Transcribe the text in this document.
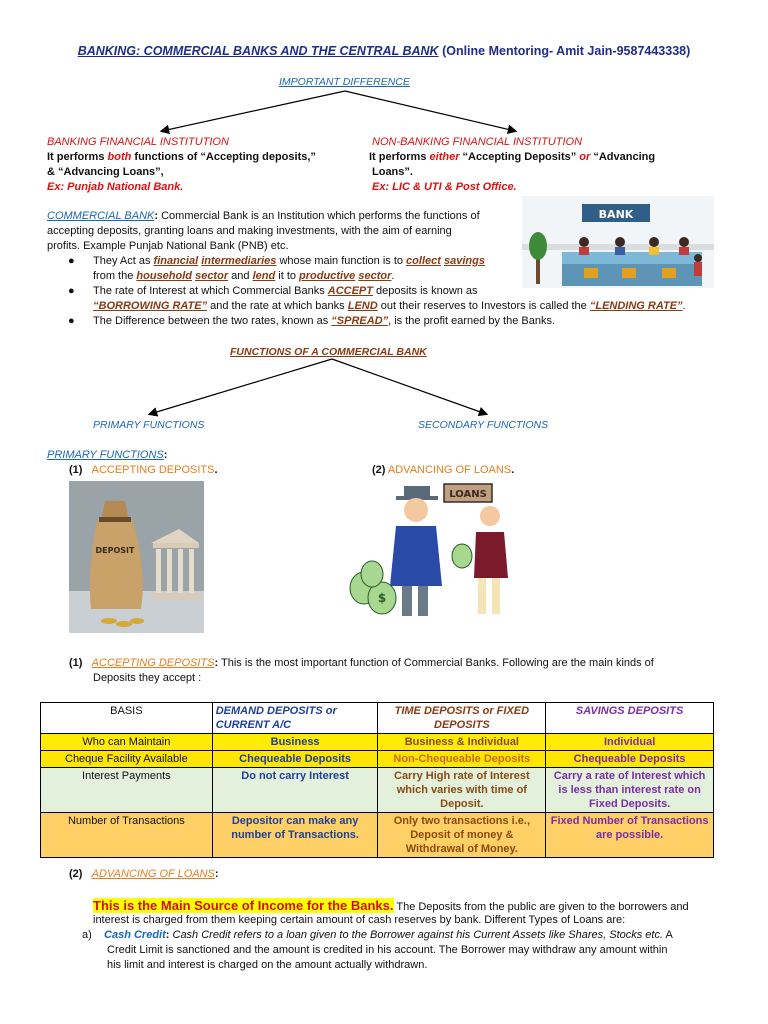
BANKING: COMMERCIAL BANKS AND THE CENTRAL BANK (Online Mentoring- Amit Jain-9587443338)
IMPORTANT DIFFERENCE
BANKING FINANCIAL INSTITUTION
It performs both functions of “Accepting deposits,”
& “Advancing Loans”,
Ex: Punjab National Bank.
NON-BANKING FINANCIAL INSTITUTION
It performs either “Accepting Deposits” or “Advancing
Loans”.
Ex: LIC & UTI & Post Office.
COMMERCIAL BANK: Commercial Bank is an Institution which performs the functions of
accepting deposits, granting loans and making investments, with the aim of earning
profits. Example Punjab National Bank (PNB) etc.
BANK
● They Act as financial intermediaries whose main function is to collect savings
from the household sector and lend it to productive sector.
● The rate of Interest at which Commercial Banks ACCEPT deposits is known as
“BORROWING RATE” and the rate at which banks LEND out their reserves to Investors is called the “LENDING RATE”.
● The Difference between the two rates, known as “SPREAD”, is the profit earned by the Banks.
FUNCTIONS OF A COMMERCIAL BANK
PRIMARY FUNCTIONS	SECONDARY FUNCTIONS
PRIMARY FUNCTIONS:
(1) ACCEPTING DEPOSITS.	(2) ADVANCING OF LOANS.
DEPOSIT
LOANS
$
(1) ACCEPTING DEPOSITS: This is the most important function of Commercial Banks. Following are the main kinds of
Deposits they accept :
BASIS	DEMAND DEPOSITS or CURRENT A/C	TIME DEPOSITS or FIXED DEPOSITS	SAVINGS DEPOSITS
Who can Maintain	Business	Business & Individual	Individual
Cheque Facility Available	Chequeable Deposits	Non-Chequeable Deposits	Chequeable Deposits
Interest Payments	Do not carry Interest	Carry High rate of Interest which varies with time of Deposit.	Carry a rate of Interest which is less than interest rate on Fixed Deposits.
Number of Transactions	Depositor can make any number of Transactions.	Only two transactions i.e., Deposit of money & Withdrawal of Money.	Fixed Number of Transactions are possible.
(2) ADVANCING OF LOANS:
This is the Main Source of Income for the Banks. The Deposits from the public are given to the borrowers and
interest is charged from them keeping certain amount of cash reserves by bank. Different Types of Loans are:
a) Cash Credit: Cash Credit refers to a loan given to the Borrower against his Current Assets like Shares, Stocks etc. A
Credit Limit is sanctioned and the amount is credited in his account. The Borrower may withdraw any amount within
his limit and interest is charged on the amount actually withdrawn.
